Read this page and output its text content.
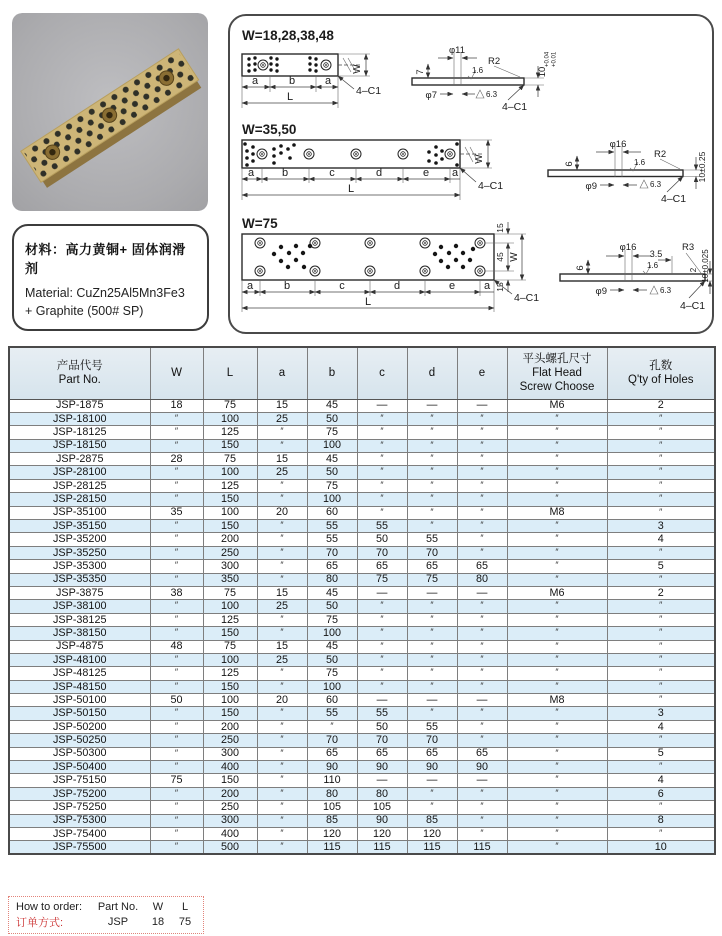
材料：高力黄铜+ 固体润滑剂
Material: CuZn25Al5Mn3Fe3
+ Graphite (500# SP)
W=18,28,38,48
W
a	b	a
L	4–C1
φ11
7	1.6
R2
10
+0.04 +0.01
φ7	6.3
4–C1
W=35,50
W
a	b	c	d	e a
L	4–C1
φ16
6	1.6
R2	10±0.25
φ9	6.3
4–C1
W=75	15
45
15
W
a	b	c	d	e	a
L	4–C1
φ16
6	1.6
3.5
R3
2 10±0.025
φ9	6.3
4–C1
产品代号
Part No.
	W	L	a	b	c	d	e	
平头螺孔尺寸
Flat Head
Screw Choose

孔数
Q'ty of Holes

JSP-1875	18	75	15	45	—	—	—	M6	2
JSP-18100	″	100	25	50	″	″	″	″	″
JSP-18125	″	125	″	75	″	″	″	″	″
JSP-18150	″	150	″	100	″	″	″	″	″
JSP-2875	28	75	15	45	″	″	″	″	″
JSP-28100	″	100	25	50	″	″	″	″	″
JSP-28125	″	125	″	75	″	″	″	″	″
JSP-28150	″	150	″	100	″	″	″	″	″
JSP-35100	35	100	20	60	″	″	″	M8	″
JSP-35150	″	150	″	55	55	″	″	″	3
JSP-35200	″	200	″	55	50	55	″	″	4
JSP-35250	″	250	″	70	70	70	″	″	″
JSP-35300	″	300	″	65	65	65	65	″	5
JSP-35350	″	350	″	80	75	75	80	″	″
JSP-3875	38	75	15	45	—	—	—	M6	2
JSP-38100	″	100	25	50	″	″	″	″	″
JSP-38125	″	125	″	75	″	″	″	″	″
JSP-38150	″	150	″	100	″	″	″	″	″
JSP-4875	48	75	15	45	″	″	″	″	″
JSP-48100	″	100	25	50	″	″	″	″	″
JSP-48125	″	125	″	75	″	″	″	″	″
JSP-48150	″	150	″	100	″	″	″	″	″
JSP-50100	50	100	20	60	—	—	—	M8	″
JSP-50150	″	150	″	55	55	″	″	″	3
JSP-50200	″	200	″	″	50	55	″	″	4
JSP-50250	″	250	″	70	70	70	″	″	″
JSP-50300	″	300	″	65	65	65	65	″	5
JSP-50400	″	400	″	90	90	90	90	″	″
JSP-75150	75	150	″	110	—	—	—	″	4
JSP-75200	″	200	″	80	80	″	″	″	6
JSP-75250	″	250	″	105	105	″	″	″	″
JSP-75300	″	300	″	85	90	85	″	″	8
JSP-75400	″	400	″	120	120	120	″	″	″
JSP-75500	″	500	″	115	115	115	115	″	10
How to order:	Part No.	W	L
订单方式:	JSP	18	75
